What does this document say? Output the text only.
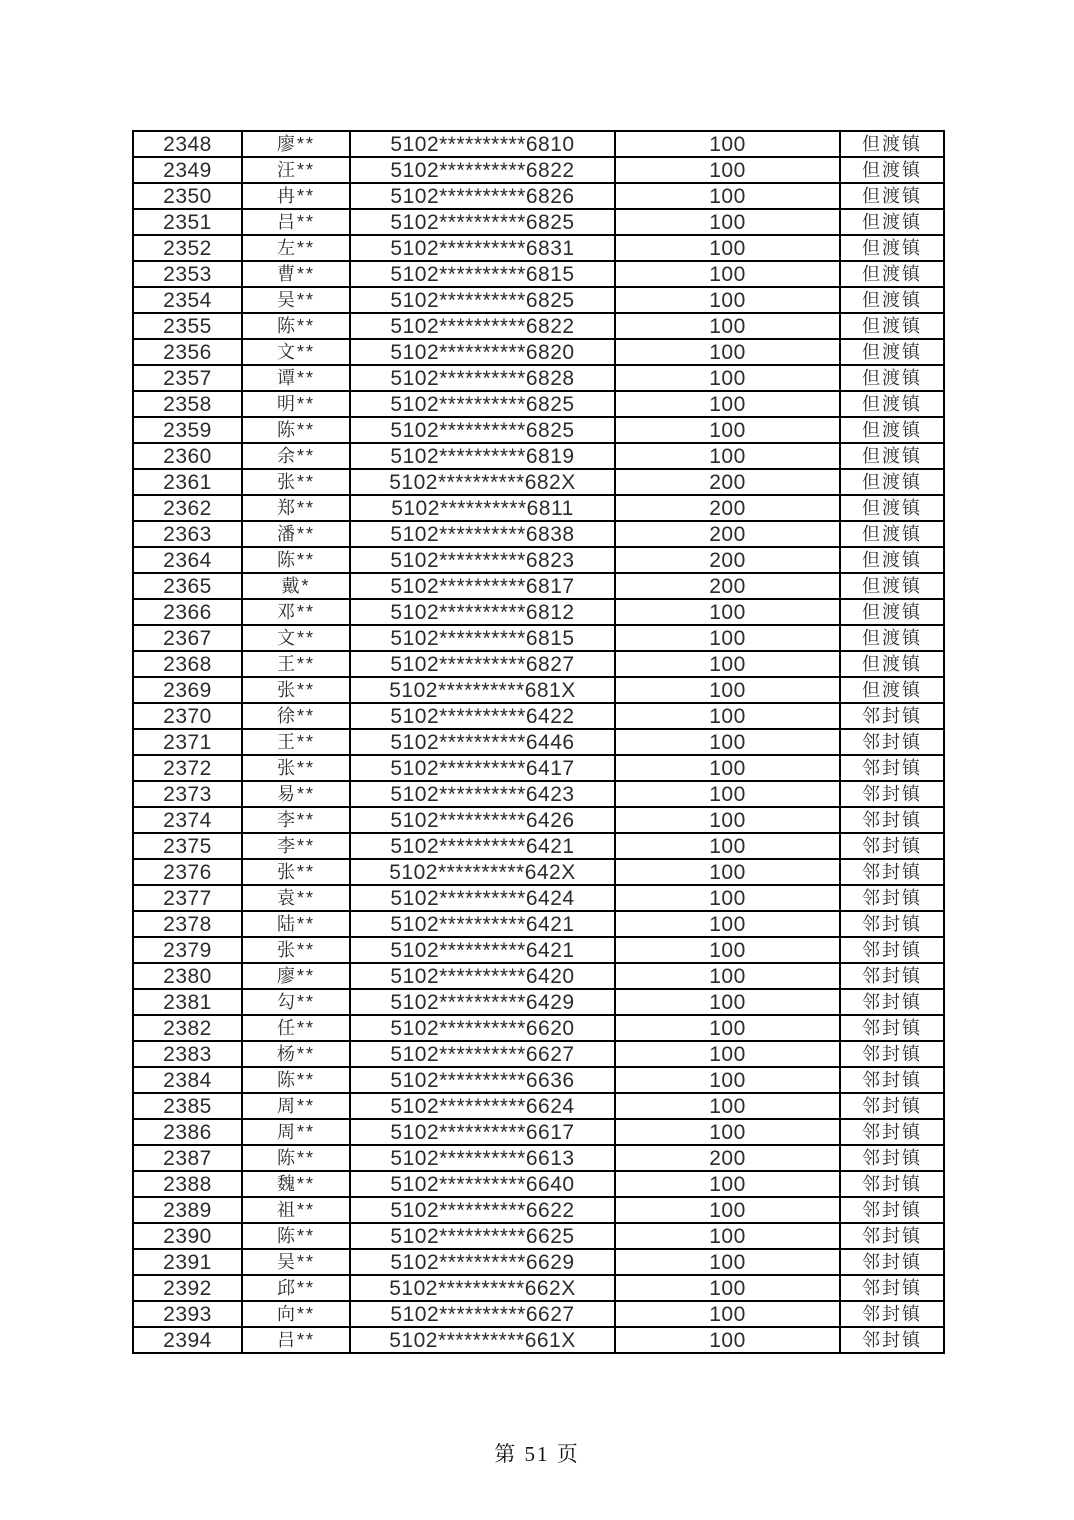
2348	廖**	5102**********6810	100	但渡镇
2349	汪**	5102**********6822	100	但渡镇
2350	冉**	5102**********6826	100	但渡镇
2351	吕**	5102**********6825	100	但渡镇
2352	左**	5102**********6831	100	但渡镇
2353	曹**	5102**********6815	100	但渡镇
2354	吴**	5102**********6825	100	但渡镇
2355	陈**	5102**********6822	100	但渡镇
2356	文**	5102**********6820	100	但渡镇
2357	谭**	5102**********6828	100	但渡镇
2358	明**	5102**********6825	100	但渡镇
2359	陈**	5102**********6825	100	但渡镇
2360	余**	5102**********6819	100	但渡镇
2361	张**	5102**********682X	200	但渡镇
2362	郑**	5102**********6811	200	但渡镇
2363	潘**	5102**********6838	200	但渡镇
2364	陈**	5102**********6823	200	但渡镇
2365	戴*	5102**********6817	200	但渡镇
2366	邓**	5102**********6812	100	但渡镇
2367	文**	5102**********6815	100	但渡镇
2368	王**	5102**********6827	100	但渡镇
2369	张**	5102**********681X	100	但渡镇
2370	徐**	5102**********6422	100	邻封镇
2371	王**	5102**********6446	100	邻封镇
2372	张**	5102**********6417	100	邻封镇
2373	易**	5102**********6423	100	邻封镇
2374	李**	5102**********6426	100	邻封镇
2375	李**	5102**********6421	100	邻封镇
2376	张**	5102**********642X	100	邻封镇
2377	袁**	5102**********6424	100	邻封镇
2378	陆**	5102**********6421	100	邻封镇
2379	张**	5102**********6421	100	邻封镇
2380	廖**	5102**********6420	100	邻封镇
2381	勾**	5102**********6429	100	邻封镇
2382	任**	5102**********6620	100	邻封镇
2383	杨**	5102**********6627	100	邻封镇
2384	陈**	5102**********6636	100	邻封镇
2385	周**	5102**********6624	100	邻封镇
2386	周**	5102**********6617	100	邻封镇
2387	陈**	5102**********6613	200	邻封镇
2388	魏**	5102**********6640	100	邻封镇
2389	祖**	5102**********6622	100	邻封镇
2390	陈**	5102**********6625	100	邻封镇
2391	吴**	5102**********6629	100	邻封镇
2392	邱**	5102**********662X	100	邻封镇
2393	向**	5102**********6627	100	邻封镇
2394	吕**	5102**********661X	100	邻封镇
第 51 页
